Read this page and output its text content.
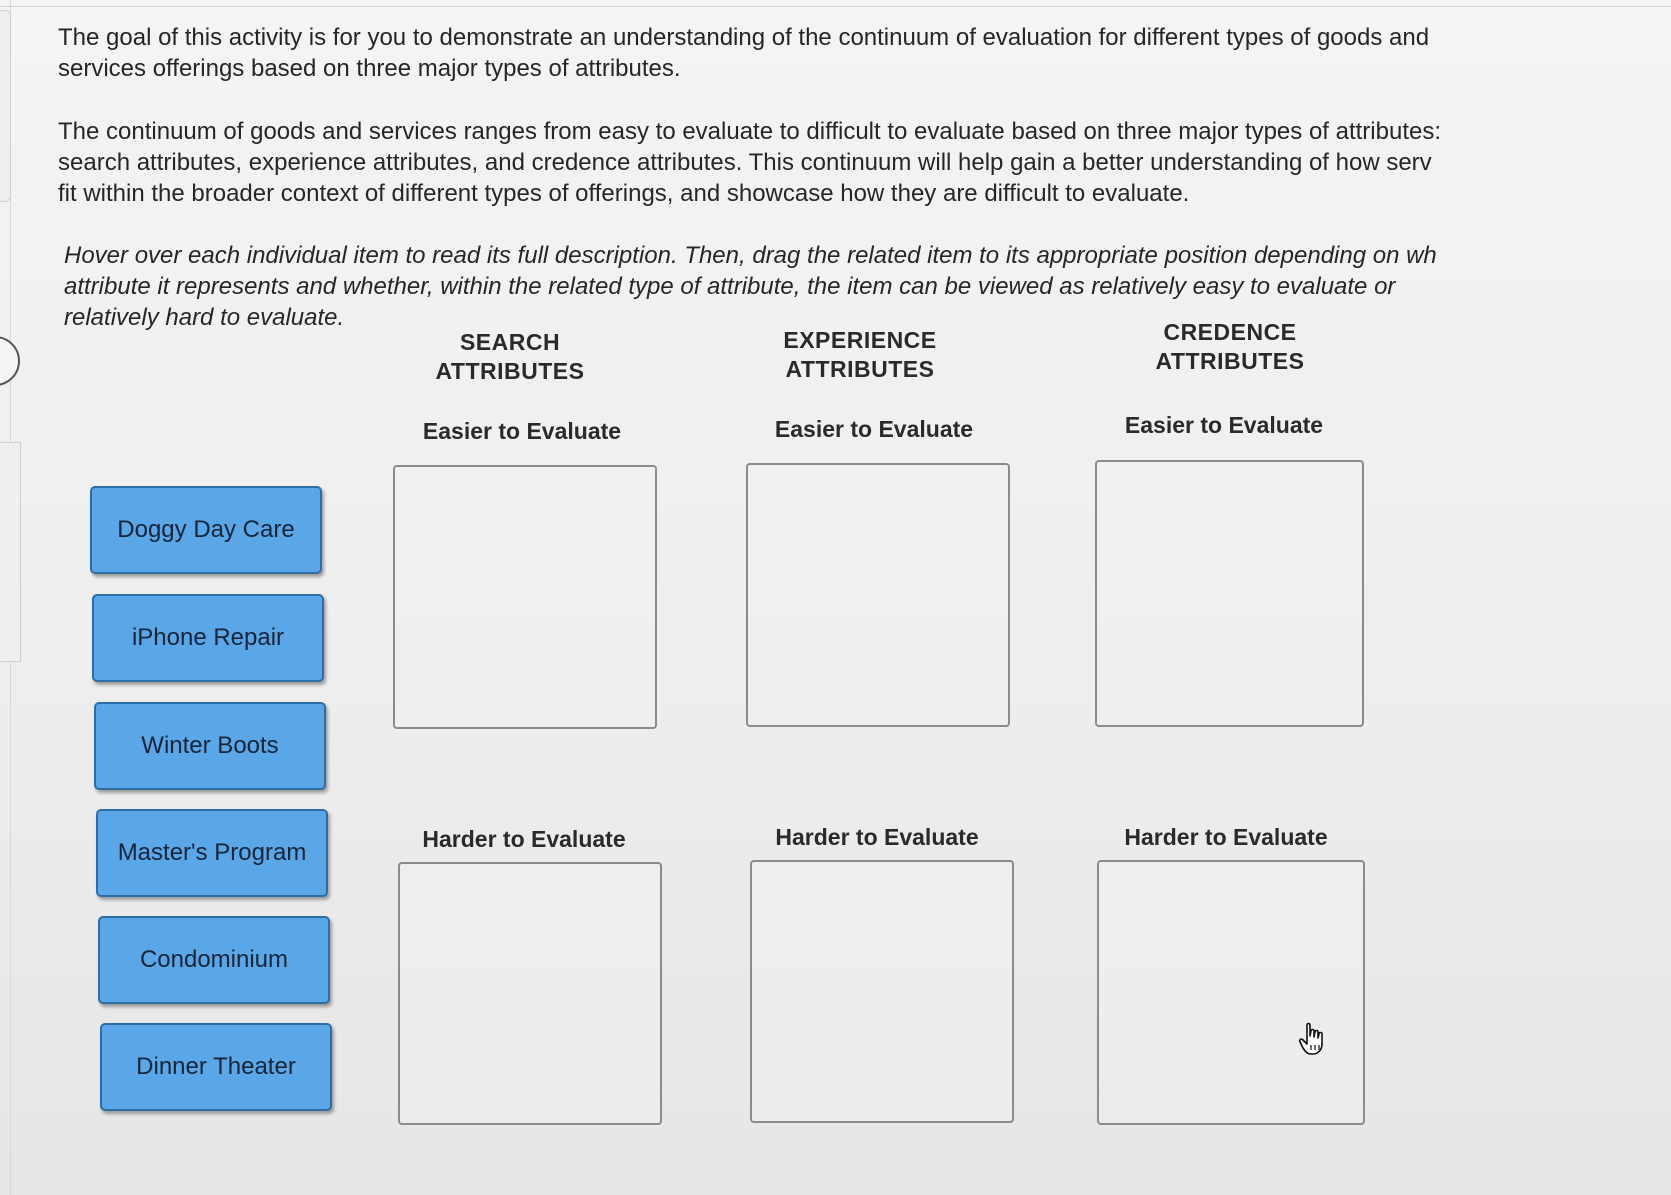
The goal of this activity is for you to demonstrate an understanding of the continuum of evaluation for different types of goods and
services offerings based on three major types of attributes.
The continuum of goods and services ranges from easy to evaluate to difficult to evaluate based on three major types of attributes:
search attributes, experience attributes, and credence attributes. This continuum will help gain a better understanding of how serv
fit within the broader context of different types of offerings, and showcase how they are difficult to evaluate.
Hover over each individual item to read its full description. Then, drag the related item to its appropriate position depending on wh
attribute it represents and whether, within the related type of attribute, the item can be viewed as relatively easy to evaluate or
relatively hard to evaluate.
SEARCH
ATTRIBUTES
EXPERIENCE
ATTRIBUTES
CREDENCE
ATTRIBUTES
Easier to Evaluate	Easier to Evaluate	Easier to Evaluate
Harder to Evaluate	Harder to Evaluate	Harder to Evaluate
Doggy Day Care
iPhone Repair
Winter Boots
Master's Program
Condominium
Dinner Theater
